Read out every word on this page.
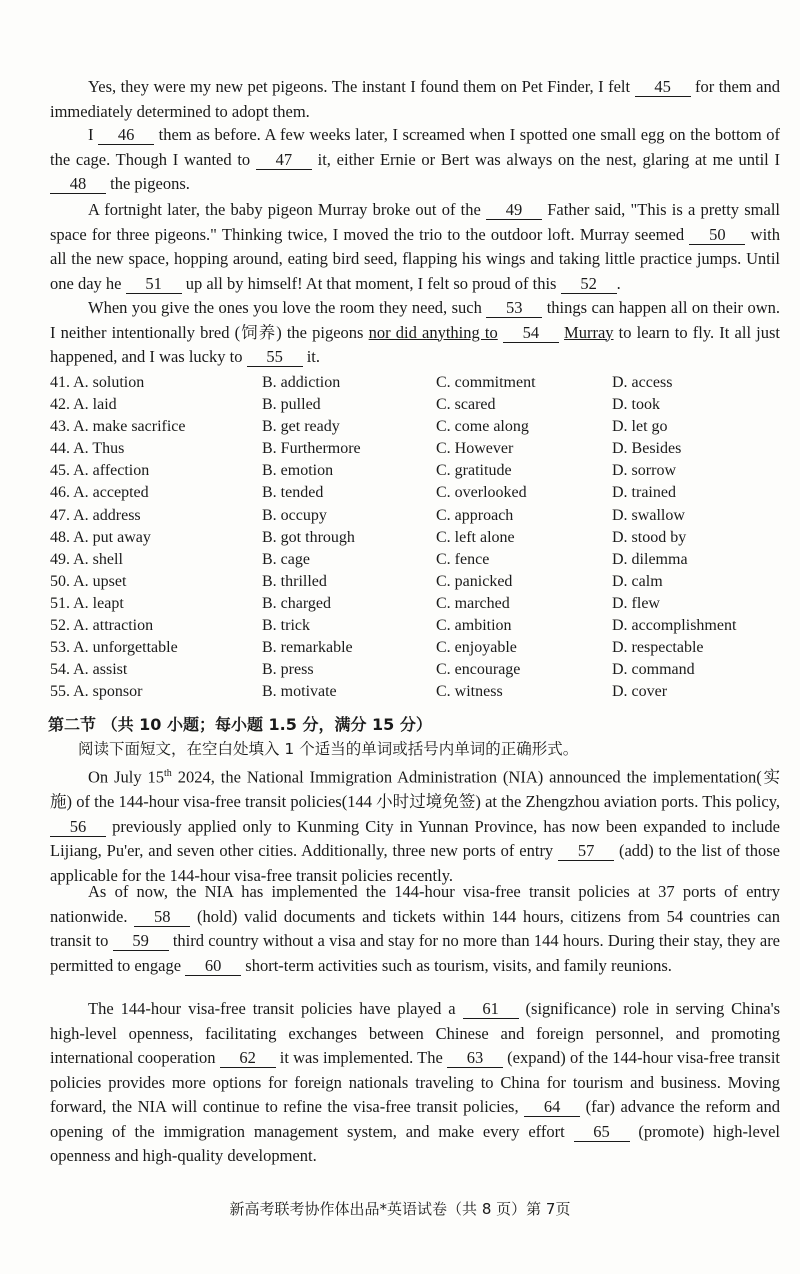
Yes, they were my new pet pigeons. The instant I found them on Pet Finder, I felt 45 for them and immediately determined to adopt them.

I 46 them as before. A few weeks later, I screamed when I spotted one small egg on the bottom of the cage. Though I wanted to 47 it, either Ernie or Bert was always on the nest, glaring at me until I 48 the pigeons.

A fortnight later, the baby pigeon Murray broke out of the 49 Father said, "This is a pretty small space for three pigeons." Thinking twice, I moved the trio to the outdoor loft. Murray seemed 50 with all the new space, hopping around, eating bird seed, flapping his wings and taking little practice jumps. Until one day he 51 up all by himself! At that moment, I felt so proud of this 52 .

When you give the ones you love the room they need, such 53 things can happen all on their own. I neither intentionally bred (饲养) the pigeons nor did anything to 54 Murray to learn to fly. It all just happened, and I was lucky to 55 it.

41. A. solution	B. addiction	C. commitment	D. access
42. A. laid	B. pulled	C. scared	D. took
43. A. make sacrifice	B. get ready	C. come along	D. let go
44. A. Thus	B. Furthermore	C. However	D. Besides
45. A. affection	B. emotion	C. gratitude	D. sorrow
46. A. accepted	B. tended	C. overlooked	D. trained
47. A. address	B. occupy	C. approach	D. swallow
48. A. put away	B. got through	C. left alone	D. stood by
49. A. shell	B. cage	C. fence	D. dilemma
50. A. upset	B. thrilled	C. panicked	D. calm
51. A. leapt	B. charged	C. marched	D. flew
52. A. attraction	B. trick	C. ambition	D. accomplishment
53. A. unforgettable	B. remarkable	C. enjoyable	D. respectable
54. A. assist	B. press	C. encourage	D. command
55. A. sponsor	B. motivate	C. witness	D. cover
第二节 （共 10 小题；每小题 1.5 分，满分 15 分）
阅读下面短文，在空白处填入 1 个适当的单词或括号内单词的正确形式。

On July 15th 2024, the National Immigration Administration (NIA) announced the implementation(实施) of the 144-hour visa-free transit policies(144 小时过境免签) at the Zhengzhou aviation ports. This policy, 56 previously applied only to Kunming City in Yunnan Province, has now been expanded to include Lijiang, Pu'er, and seven other cities. Additionally, three new ports of entry 57 (add) to the list of those applicable for the 144-hour visa-free transit policies recently.

As of now, the NIA has implemented the 144-hour visa-free transit policies at 37 ports of entry nationwide. 58 (hold) valid documents and tickets within 144 hours, citizens from 54 countries can transit to 59 third country without a visa and stay for no more than 144 hours. During their stay, they are permitted to engage 60 short-term activities such as tourism, visits, and family reunions.

The 144-hour visa-free transit policies have played a 61 (significance) role in serving China's high-level openness, facilitating exchanges between Chinese and foreign personnel, and promoting international cooperation 62 it was implemented. The 63 (expand) of the 144-hour visa-free transit policies provides more options for foreign nationals traveling to China for tourism and business. Moving forward, the NIA will continue to refine the visa-free transit policies, 64 (far) advance the reform and opening of the immigration management system, and make every effort 65 (promote) high-level openness and high-quality development.

新高考联考协作体出品*英语试卷（共 8 页）第 7页
